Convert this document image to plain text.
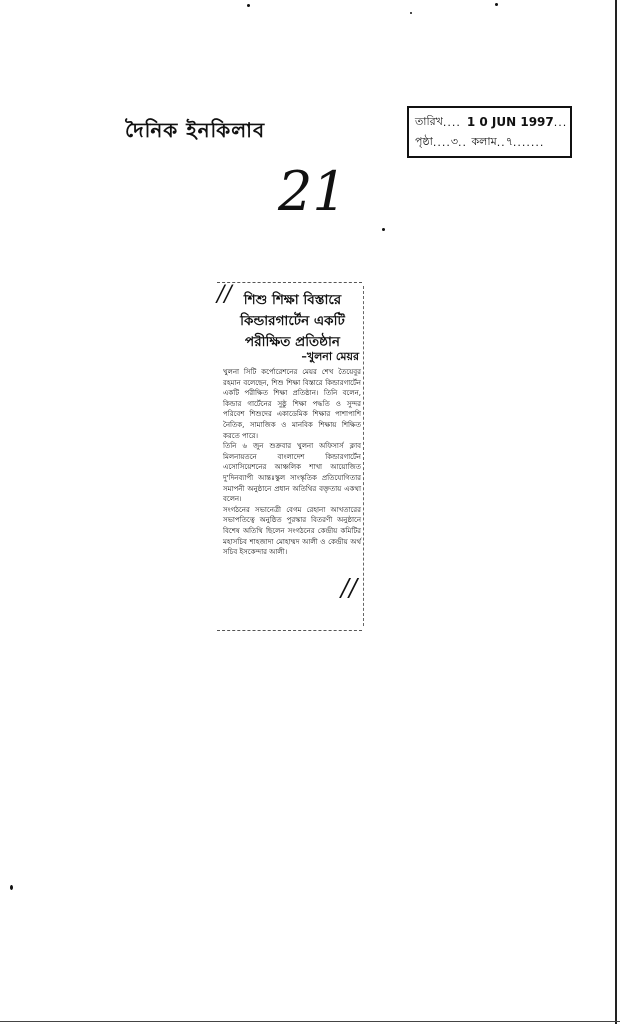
দৈনিক ইনকিলাব	তারিখ .... 1 0 JUN 1997 ...
পৃষ্ঠা .... ৩ .. কলাম .. ৭ .......
21
//
//
শিশু শিক্ষা বিস্তারে
কিন্ডারগার্টেন একটি
পরীক্ষিত প্রতিষ্ঠান
–খুলনা মেয়র

খুলনা সিটি কর্পোরেশনের মেয়র শেখ তৈয়েবুর রহমান বলেছেন, শিশু শিক্ষা বিস্তারে কিন্ডারগার্টেন একটি পরীক্ষিত শিক্ষা প্রতিষ্ঠান। তিনি বলেন, কিন্ডার গার্টেনের সুষ্ঠু শিক্ষা পদ্ধতি ও সুন্দর পরিবেশ শিশুদের একাডেমিক শিক্ষার পাশাপাশি নৈতিক, সামাজিক ও মানবিক শিক্ষায় শিক্ষিত করতে পারে।

তিনি ৬ জুন শুক্রবার খুলনা অফিসার্স ক্লাব মিলনায়তনে বাংলাদেশ কিন্ডারগার্টেন এসোসিয়েশনের আঞ্চলিক শাখা আয়োজিত দু'দিনব্যাপী আন্তঃস্কুল সাংস্কৃতিক প্রতিযোগিতার সমাপনী অনুষ্ঠানে প্রধান অতিথির বক্তৃতায় একথা বলেন।

সংগঠনের সভানেত্রী বেগম রেহানা আখতারের সভাপতিত্বে অনুষ্ঠিত পুরস্কার বিতরণী অনুষ্ঠানে বিশেষ অতিথি ছিলেন সংগঠনের কেন্দ্রীয় কমিটির মহাসচিব শাহজাদা মোহাম্মদ আলী ও কেন্দ্রীয় অর্থ সচিব ইসকেন্দার আলী।
